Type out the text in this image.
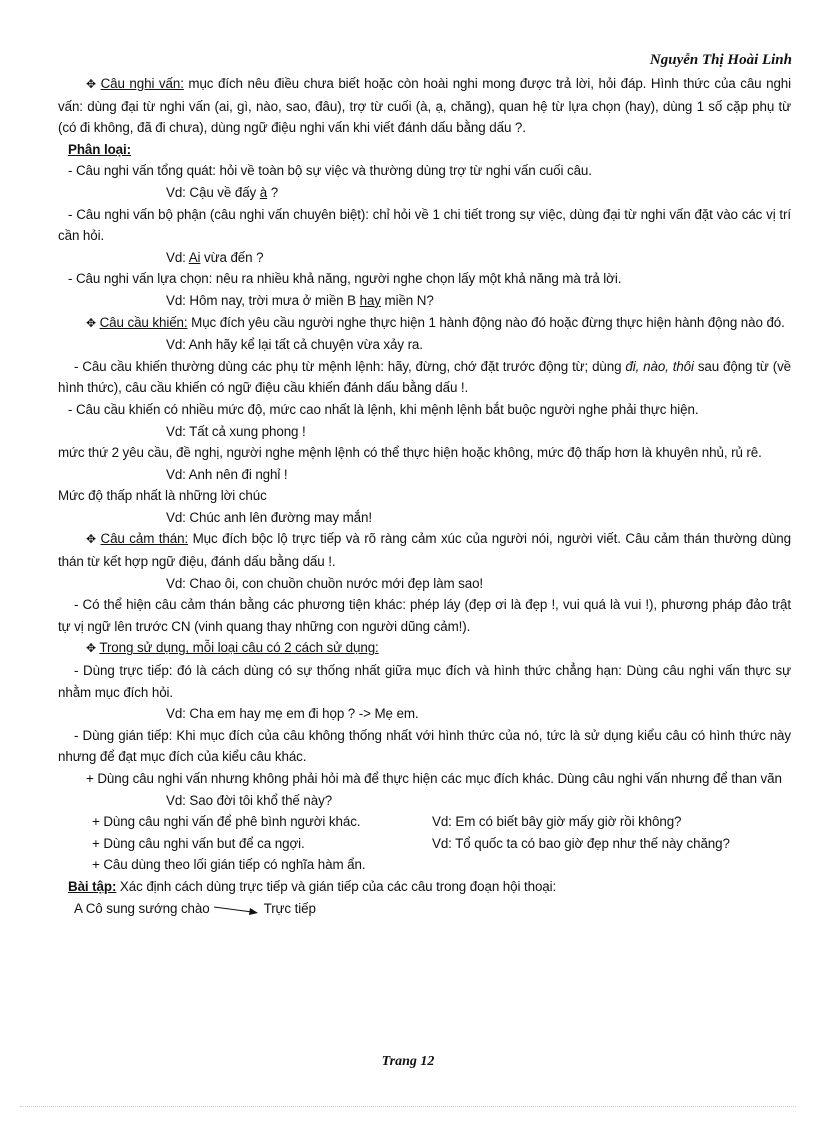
Nguyễn Thị Hoài Linh

✥ Câu nghi vấn: mục đích nêu điều chưa biết hoặc còn hoài nghi mong được trả lời, hỏi đáp. Hình thức của câu nghi vấn: dùng đại từ nghi vấn (ai, gì, nào, sao, đâu), trợ từ cuối (à, ạ, chăng), quan hệ từ lựa chọn (hay), dùng 1 số cặp phụ từ (có đi không, đã đi chưa), dùng ngữ điệu nghi vấn khi viết đánh dấu bằng dấu ?.

Phân loại:

- Câu nghi vấn tổng quát: hỏi về toàn bộ sự việc và thường dùng trợ từ nghi vấn cuối câu.

Vd: Cậu về đấy à ?

- Câu nghi vấn bộ phận (câu nghi vấn chuyên biệt): chỉ hỏi về 1 chi tiết trong sự việc, dùng đại từ nghi vấn đặt vào các vị trí cần hỏi.

Vd: Ai vừa đến ?

- Câu nghi vấn lựa chọn: nêu ra nhiều khả năng, người nghe chọn lấy một khả năng mà trả lời.

Vd: Hôm nay, trời mưa ở miền B hay miền N?

✥ Câu cầu khiến: Mục đích yêu cầu người nghe thực hiện 1 hành động nào đó hoặc đừng thực hiện hành động nào đó.

Vd: Anh hãy kể lại tất cả chuyện vừa xảy ra.

- Câu cầu khiến thường dùng các phụ từ mệnh lệnh: hãy, đừng, chớ đặt trước động từ; dùng đi, nào, thôi sau động từ (về hình thức), câu cầu khiến có ngữ điệu cầu khiến đánh dấu bằng dấu !.

- Câu cầu khiến có nhiều mức độ, mức cao nhất là lệnh, khi mệnh lệnh bắt buộc người nghe phải thực hiện.

Vd: Tất cả xung phong !

mức thứ 2 yêu cầu, đề nghị, người nghe mệnh lệnh có thể thực hiện hoặc không, mức độ thấp hơn là khuyên nhủ, rủ rê.

Vd: Anh nên đi nghỉ !

Mức độ thấp nhất là những lời chúc

Vd: Chúc anh lên đường may mắn!

✥ Câu cảm thán: Mục đích bộc lộ trực tiếp và rõ ràng cảm xúc của người nói, người viết. Câu cảm thán thường dùng thán từ kết hợp ngữ điệu, đánh dấu bằng dấu !.

Vd: Chao ôi, con chuồn chuồn nước mới đẹp làm sao!

- Có thể hiện câu cảm thán bằng các phương tiện khác: phép láy (đẹp ơi là đẹp !, vui quá là vui !), phương pháp đảo trật tự vị ngữ lên trước CN (vinh quang thay những con người dũng cảm!).

✥ Trong sử dụng, mỗi loại câu có 2 cách sử dụng:

- Dùng trực tiếp: đó là cách dùng có sự thống nhất giữa mục đích và hình thức chẳng hạn: Dùng câu nghi vấn thực sự nhằm mục đích hỏi.

Vd: Cha em hay mẹ em đi họp ? -> Mẹ em.

- Dùng gián tiếp: Khi mục đích của câu không thống nhất với hình thức của nó, tức là sử dụng kiểu câu có hình thức này nhưng để đạt mục đích của kiểu câu khác.

+ Dùng câu nghi vấn nhưng không phải hỏi mà để thực hiện các mục đích khác. Dùng câu nghi vấn nhưng để than vãn

Vd: Sao đời tôi khổ thế này?

+ Dùng câu nghi vấn để phê bình người khác.	Vd: Em có biết bây giờ mấy giờ rồi không?
+ Dùng câu nghi vấn but để ca ngợi.	Vd: Tổ quốc ta có bao giờ đẹp như thế này chăng?

+ Câu dùng theo lối gián tiếp có nghĩa hàm ẩn.

Bài tập: Xác định cách dùng trực tiếp và gián tiếp của các câu trong đoạn hội thoại:

A Cô sung sướng chào	Trực tiếp

Trang 12
